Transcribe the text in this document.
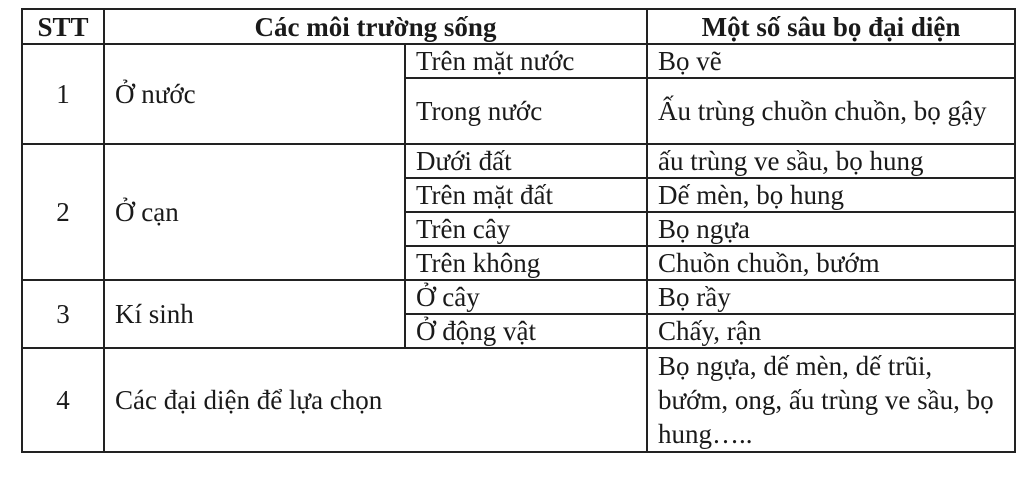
STT	Các môi trường sống		Một số sâu bọ đại diện
1	Ở nước	Trên mặt nước	Bọ vẽ
		Trong nước	Ấu trùng chuồn chuồn, bọ gậy
2	Ở cạn	Dưới đất	ấu trùng ve sầu, bọ hung
		Trên mặt đất	Dế mèn, bọ hung
		Trên cây	Bọ ngựa
		Trên không	Chuồn chuồn, bướm
3	Kí sinh	Ở cây	Bọ rầy
		Ở động vật	Chấy, rận
4	Các đại diện để lựa chọn		Bọ ngựa, dế mèn, dế trũi, bướm, ong, ấu trùng ve sầu, bọ hung…..
